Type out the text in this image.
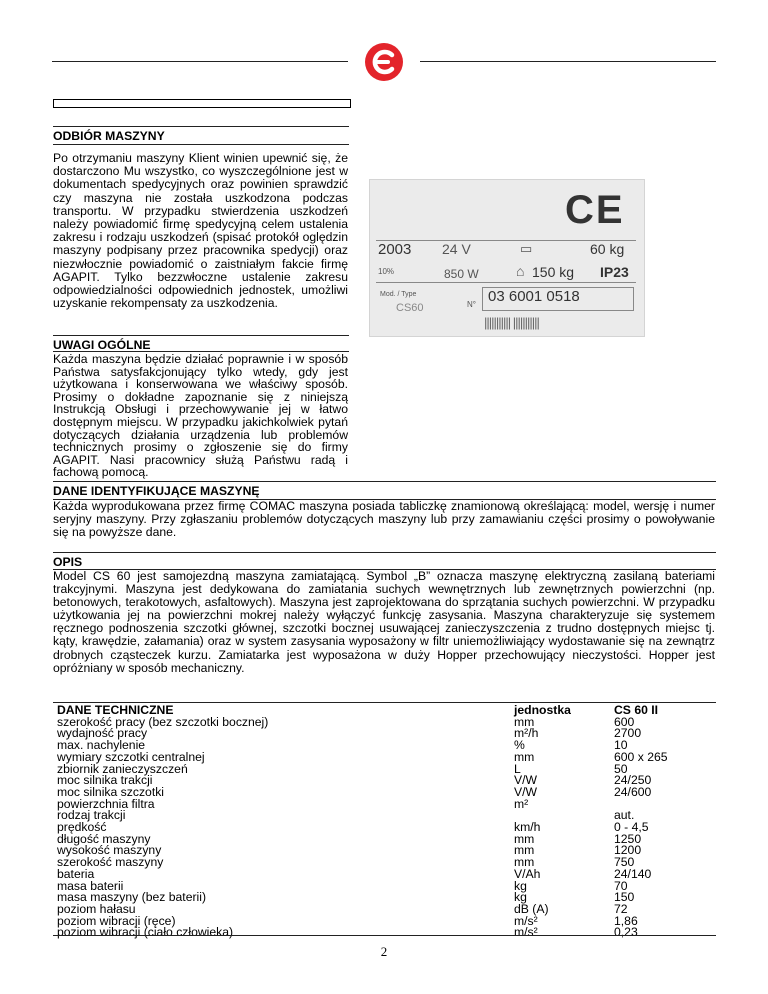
ODBIÓR MASZYNY
Po otrzymaniu maszyny Klient winien upewnić się, że dostarczono Mu wszystko, co wyszczególnione jest w dokumentach spedycyjnych oraz powinien sprawdzić czy maszyna nie została uszkodzona podczas transportu. W przypadku stwierdzenia uszkodzeń należy powiadomić firmę spedycyjną celem ustalenia zakresu i rodzaju uszkodzeń (spisać protokół oględzin maszyny podpisany przez pracownika spedycji) oraz niezwłocznie powiadomić o zaistniałym fakcie firmę AGAPIT. Tylko bezzwłoczne ustalenie zakresu odpowiedzialności odpowiednich jednostek, umożliwi uzyskanie rekompensaty za uszkodzenia.
CE
2003 24 V	▭	60 kg
10%	850 W	⌂ 150 kg IP23
Mod. / Type
CS60	N° 03 6001 0518
||||||||||| |||||||||||
UWAGI OGÓLNE
Każda maszyna będzie działać poprawnie i w sposób Państwa satysfakcjonujący tylko wtedy, gdy jest użytkowana i konserwowana we właściwy sposób. Prosimy o dokładne zapoznanie się z niniejszą Instrukcją Obsługi i przechowywanie jej w łatwo dostępnym miejscu. W przypadku jakichkolwiek pytań dotyczących działania urządzenia lub problemów technicznych prosimy o zgłoszenie się do firmy AGAPIT. Nasi pracownicy służą Państwu radą i fachową pomocą.
DANE IDENTYFIKUJĄCE MASZYNĘ
Każda wyprodukowana przez firmę COMAC maszyna posiada tabliczkę znamionową określającą: model, wersję i numer seryjny maszyny. Przy zgłaszaniu problemów dotyczących maszyny lub przy zamawianiu części prosimy o powoływanie się na powyższe dane.
OPIS
Model CS 60 jest samojezdną maszyna zamiatającą. Symbol „B” oznacza maszynę elektryczną zasilaną bateriami trakcyjnymi. Maszyna jest dedykowana do zamiatania suchych wewnętrznych lub zewnętrznych powierzchni (np. betonowych, terakotowych, asfaltowych). Maszyna jest zaprojektowana do sprzątania suchych powierzchni. W przypadku użytkowania jej na powierzchni mokrej należy wyłączyć funkcję zasysania. Maszyna charakteryzuje się systemem ręcznego podnoszenia szczotki głównej, szczotki bocznej usuwającej zanieczyszczenia z trudno dostępnych miejsc tj. kąty, krawędzie, załamania) oraz w system zasysania wyposażony w filtr uniemożliwiający wydostawanie się na zewnątrz drobnych cząsteczek kurzu. Zamiatarka jest wyposażona w duży Hopper przechowujący nieczystości. Hopper jest opróżniany w sposób mechaniczny.
DANE TECHNICZNE	jednostka	CS 60 II
szerokość pracy (bez szczotki bocznej)	mm	600
wydajność pracy	m²/h	2700
max. nachylenie	%	10
wymiary szczotki centralnej	mm	600 x 265
zbiornik zanieczyszczeń	L	50
moc silnika trakcji	V/W	24/250
moc silnika szczotki	V/W	24/600
powierzchnia filtra	m²	
rodzaj trakcji		aut.
prędkość	km/h	0 - 4,5
długość maszyny	mm	1250
wysokość maszyny	mm	1200
szerokość maszyny	mm	750
bateria	V/Ah	24/140
masa baterii	kg	70
masa maszyny (bez baterii)	kg	150
poziom hałasu	dB (A)	72
poziom wibracji (ręce)	m/s²	1,86
poziom wibracji (ciało człowieka)	m/s²	0,23
2
